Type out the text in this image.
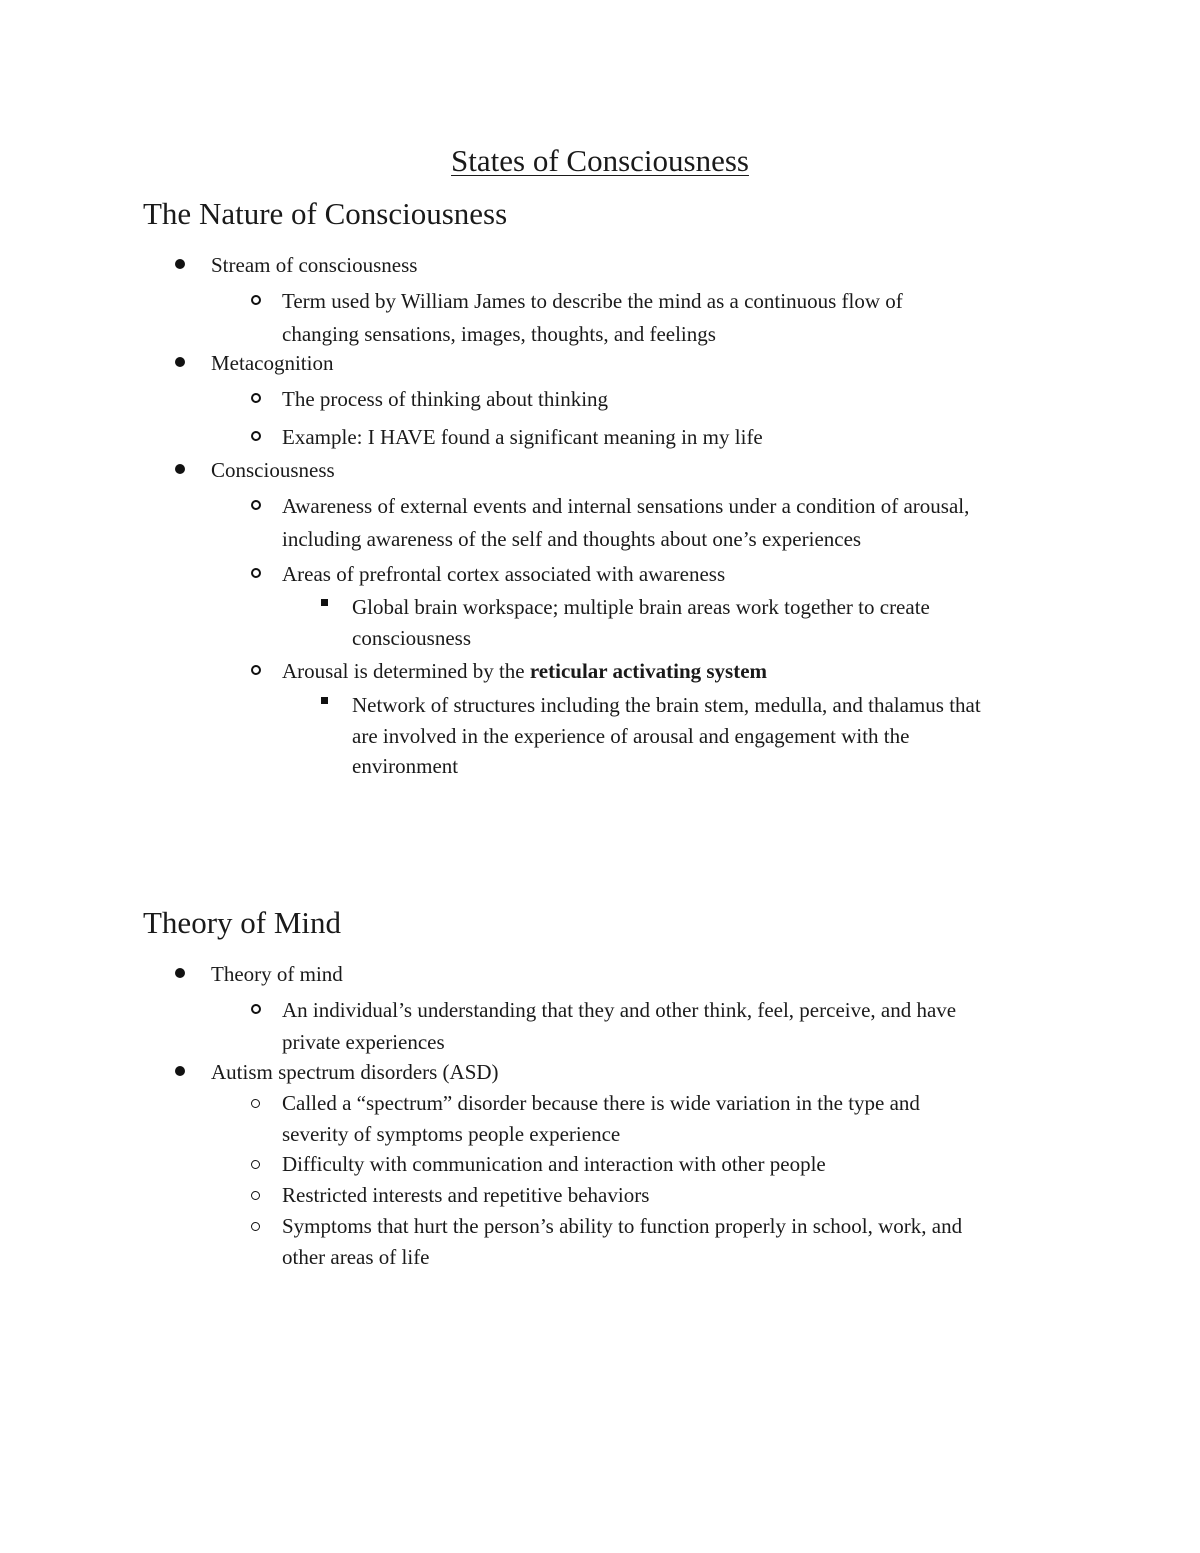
States of Consciousness
The Nature of Consciousness
Stream of consciousness
Term used by William James to describe the mind as a continuous flow of
changing sensations, images, thoughts, and feelings
Metacognition
The process of thinking about thinking
Example: I HAVE found a significant meaning in my life
Consciousness
Awareness of external events and internal sensations under a condition of arousal,
including awareness of the self and thoughts about one’s experiences
Areas of prefrontal cortex associated with awareness
Global brain workspace; multiple brain areas work together to create
consciousness
Arousal is determined by the reticular activating system
Network of structures including the brain stem, medulla, and thalamus that
are involved in the experience of arousal and engagement with the
environment
Theory of Mind
Theory of mind
An individual’s understanding that they and other think, feel, perceive, and have
private experiences
Autism spectrum disorders (ASD)
Called a “spectrum” disorder because there is wide variation in the type and
severity of symptoms people experience
Difficulty with communication and interaction with other people
Restricted interests and repetitive behaviors
Symptoms that hurt the person’s ability to function properly in school, work, and
other areas of life
